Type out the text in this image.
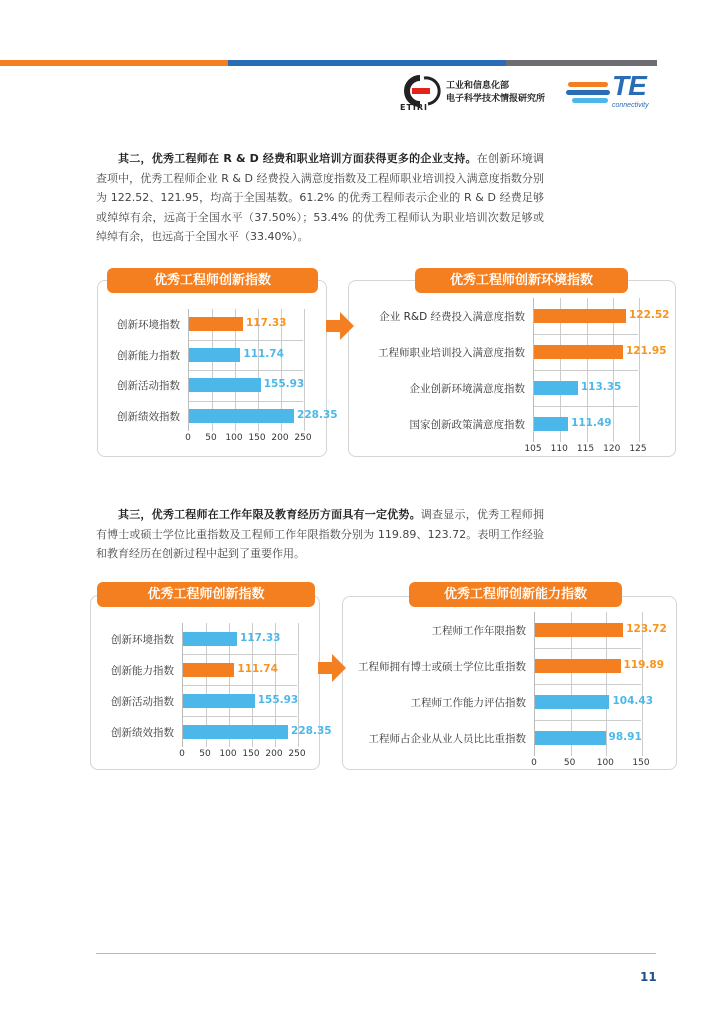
ETIRI
工业和信息化部
电子科学技术情报研究所 TE
connectivity
其二，优秀工程师在 R & D 经费和职业培训方面获得更多的企业支持。在创新环境调查项中，优秀工程师企业 R & D 经费投入满意度指数及工程师职业培训投入满意度指数分别为 122.52、121.95，均高于全国基数。61.2% 的优秀工程师表示企业的 R & D 经费足够或绰绰有余，远高于全国水平（37.50%）；53.4% 的优秀工程师认为职业培训次数足够或绰绰有余，也远高于全国水平（33.40%）。
其三，优秀工程师在工作年限及教育经历方面具有一定优势。调查显示，优秀工程师拥有博士或硕士学位比重指数及工程师工作年限指数分别为 119.89、123.72。表明工作经验和教育经历在创新过程中起到了重要作用。
0 50 100 150 200 250
117.33
创新环境指数
111.74
创新能力指数
155.93
创新活动指数
228.35
创新绩效指数
优秀工程师创新指数
105 110 115 120 125
122.52
企业 R&D 经费投入满意度指数
121.95
工程师职业培训投入满意度指数
113.35
企业创新环境满意度指数
111.49
国家创新政策满意度指数
优秀工程师创新环境指数
0 50 100 150 200 250
117.33
创新环境指数
111.74
创新能力指数
155.93
创新活动指数
228.35
创新绩效指数
优秀工程师创新指数
0	50 100 150
123.72
工程师工作年限指数
119.89
工程师拥有博士或硕士学位比重指数
104.43
工程师工作能力评估指数
98.91
工程师占企业从业人员比比重指数
优秀工程师创新能力指数
11
